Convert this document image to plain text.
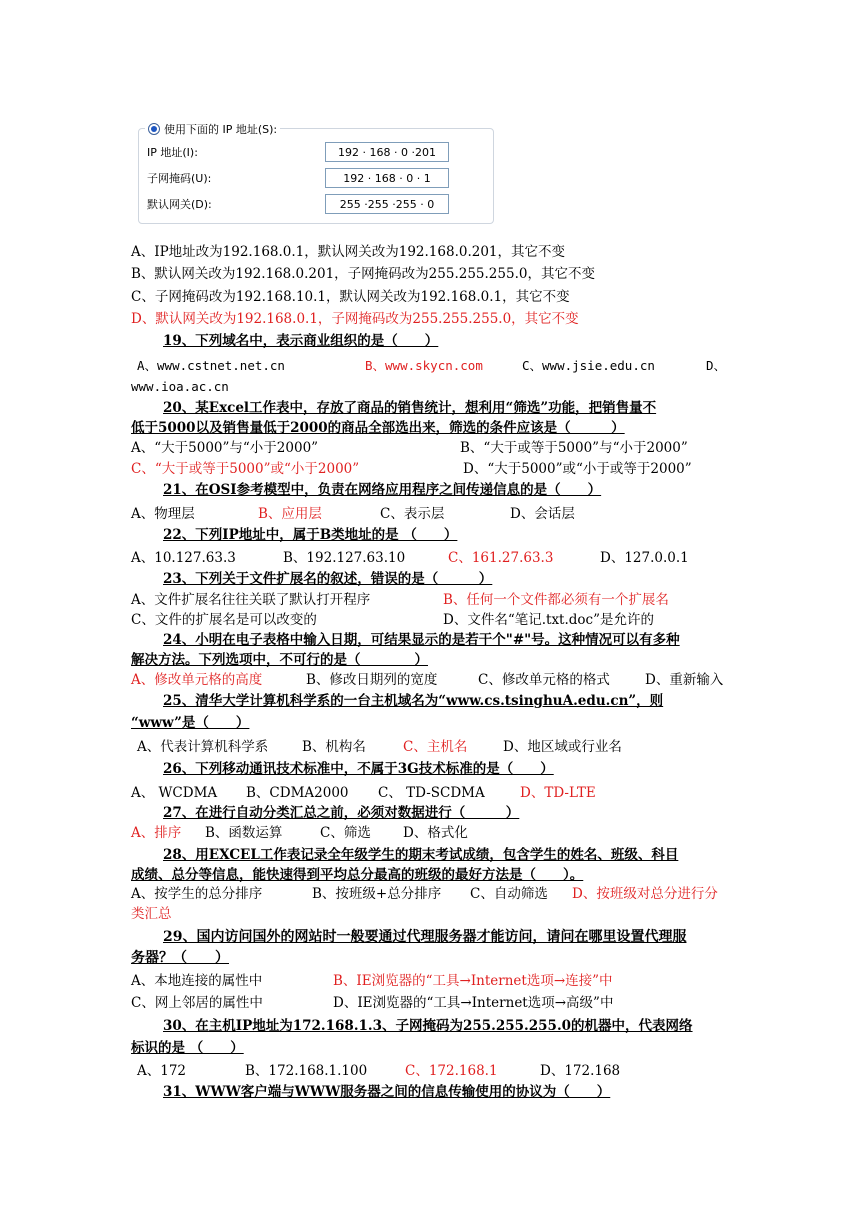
使用下面的 IP 地址(S):
IP 地址(I):	192 · 168 · 0 ·201
子网掩码(U):	192 · 168 · 0 · 1
默认网关(D):	255 ·255 ·255 · 0
A、IP地址改为192.168.0.1，默认网关改为192.168.0.201，其它不变
B、默认网关改为192.168.0.201，子网掩码改为255.255.255.0，其它不变
C、子网掩码改为192.168.10.1，默认网关改为192.168.0.1，其它不变
D、默认网关改为192.168.0.1，子网掩码改为255.255.255.0，其它不变
19、下列域名中，表示商业组织的是（　　）
A、www.cstnet.net.cn	B、www.skycn.com	C、www.jsie.edu.cn	D、
www.ioa.ac.cn
20、某Excel工作表中，存放了商品的销售统计，想利用“筛选”功能，把销售量不
低于5000以及销售量低于2000的商品全部选出来，筛选的条件应该是（　　　）
A、“大于5000”与“小于2000”	B、“大于或等于5000”与“小于2000”
C、“大于或等于5000”或“小于2000”	D、“大于5000”或“小于或等于2000”
21、在OSI参考模型中，负责在网络应用程序之间传递信息的是（　　）
A、物理层	B、应用层	C、表示层	D、会话层
22、下列IP地址中，属于B类地址的是 （　　）
A、10.127.63.3	B、192.127.63.10	C、161.27.63.3	D、127.0.0.1
23、下列关于文件扩展名的叙述，错误的是（　　　）
A、文件扩展名往往关联了默认打开程序	B、任何一个文件都必须有一个扩展名
C、文件的扩展名是可以改变的	D、文件名“笔记.txt.doc”是允许的
24、小明在电子表格中输入日期，可结果显示的是若干个"#"号。这种情况可以有多种
解决方法。下列选项中，不可行的是（　　　　）
A、修改单元格的高度	B、修改日期列的宽度	C、修改单元格的格式	D、重新输入
25、清华大学计算机科学系的一台主机域名为“www.cs.tsinghuA.edu.cn”，则
“www”是（　　）
A、代表计算机科学系	B、机构名	C、主机名	D、地区域或行业名
26、下列移动通讯技术标准中，不属于3G技术标准的是（　　）
A、 WCDMA B、CDMA2000 C、 TD-SCDMA	D、TD-LTE
27、在进行自动分类汇总之前，必须对数据进行（　　　）
A、排序 B、函数运算	C、筛选 D、格式化
28、用EXCEL工作表记录全年级学生的期末考试成绩，包含学生的姓名、班级、科目
成绩、总分等信息，能快速得到平均总分最高的班级的最好方法是（　　）。
A、按学生的总分排序	B、按班级+总分排序 C、自动筛选 D、按班级对总分进行分
类汇总
29、国内访问国外的网站时一般要通过代理服务器才能访问，请问在哪里设置代理服
务器？（　　）
A、本地连接的属性中	B、IE浏览器的“工具→Internet选项→连接”中
C、网上邻居的属性中	D、IE浏览器的“工具→Internet选项→高级”中
30、在主机IP地址为172.168.1.3、子网掩码为255.255.255.0的机器中，代表网络
标识的是 （　　）
A、172	B、172.168.1.100	C、172.168.1	D、172.168
31、WWW客户端与WWW服务器之间的信息传输使用的协议为（　　）
